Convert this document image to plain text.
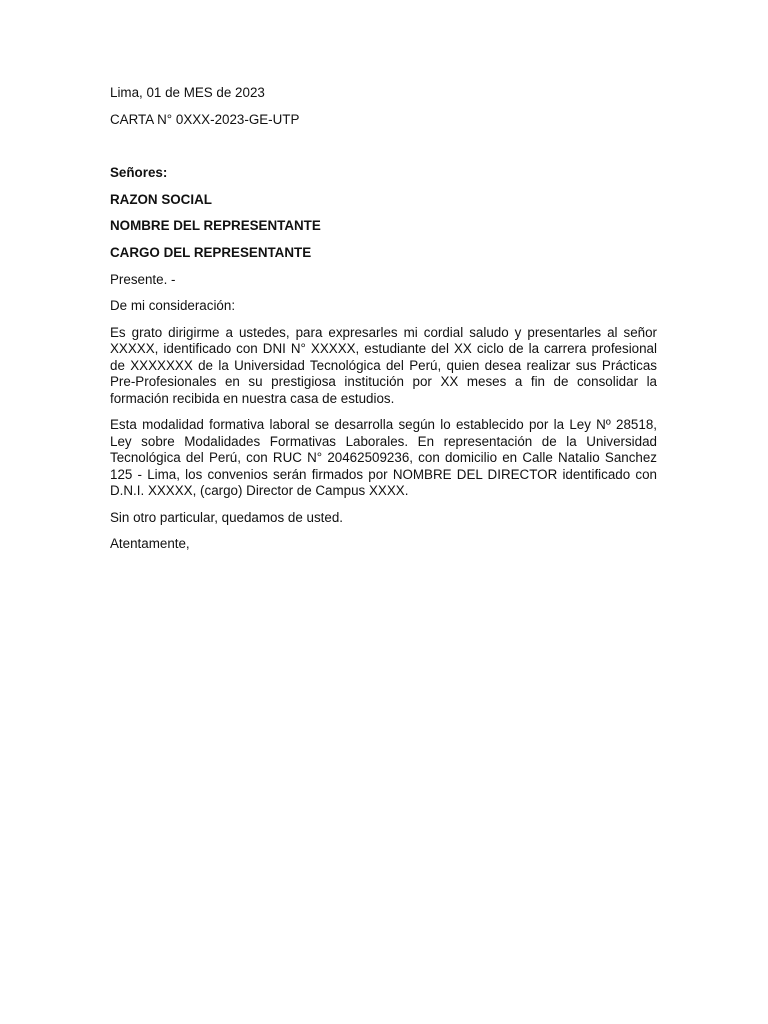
Lima, 01 de MES de 2023

CARTA N° 0XXX-2023-GE-UTP

Señores:

RAZON SOCIAL

NOMBRE DEL REPRESENTANTE

CARGO DEL REPRESENTANTE

Presente. -

De mi consideración:

Es grato dirigirme a ustedes, para expresarles mi cordial saludo y presentarles al señor XXXXX, identificado con DNI N° XXXXX, estudiante del XX ciclo de la carrera profesional de XXXXXXX de la Universidad Tecnológica del Perú, quien desea realizar sus Prácticas Pre-Profesionales en su prestigiosa institución por XX meses a fin de consolidar la formación recibida en nuestra casa de estudios.

Esta modalidad formativa laboral se desarrolla según lo establecido por la Ley Nº 28518, Ley sobre Modalidades Formativas Laborales. En representación de la Universidad Tecnológica del Perú, con RUC N° 20462509236, con domicilio en Calle Natalio Sanchez 125 - Lima, los convenios serán firmados por NOMBRE DEL DIRECTOR identificado con D.N.I. XXXXX, (cargo) Director de Campus XXXX.

Sin otro particular, quedamos de usted.

Atentamente,
